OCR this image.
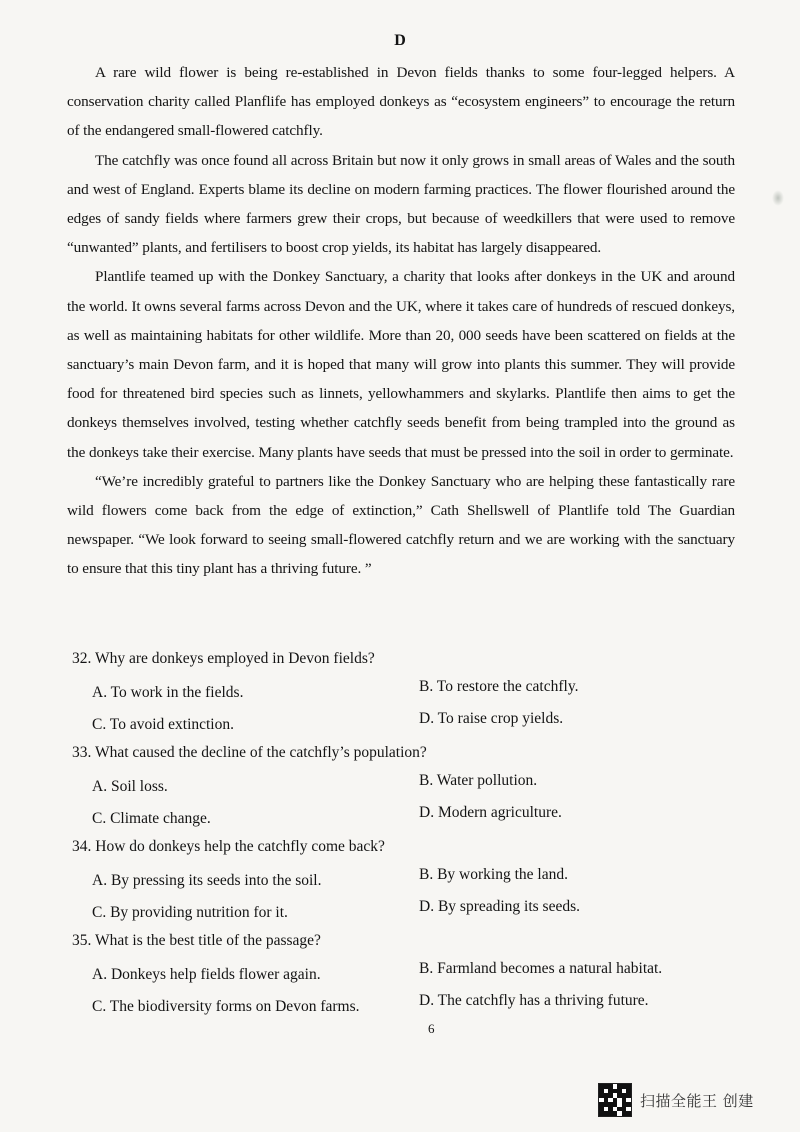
D

A rare wild flower is being re-established in Devon fields thanks to some four-legged helpers. A conservation charity called Planflife has employed donkeys as “ecosystem engineers” to encourage the return of the endangered small-flowered catchfly.

The catchfly was once found all across Britain but now it only grows in small areas of Wales and the south and west of England. Experts blame its decline on modern farming practices. The flower flourished around the edges of sandy fields where farmers grew their crops, but because of weedkillers that were used to remove “unwanted” plants, and fertilisers to boost crop yields, its habitat has largely disappeared.

Plantlife teamed up with the Donkey Sanctuary, a charity that looks after donkeys in the UK and around the world. It owns several farms across Devon and the UK, where it takes care of hundreds of rescued donkeys, as well as maintaining habitats for other wildlife. More than 20, 000 seeds have been scattered on fields at the sanctuary’s main Devon farm, and it is hoped that many will grow into plants this summer. They will provide food for threatened bird species such as linnets, yellowhammers and skylarks. Plantlife then aims to get the donkeys themselves involved, testing whether catchfly seeds benefit from being trampled into the ground as the donkeys take their exercise. Many plants have seeds that must be pressed into the soil in order to germinate.

“We’re incredibly grateful to partners like the Donkey Sanctuary who are helping these fantastically rare wild flowers come back from the edge of extinction,” Cath Shellswell of Plantlife told The Guardian newspaper. “We look forward to seeing small-flowered catchfly return and we are working with the sanctuary to ensure that this tiny plant has a thriving future. ”

32. Why are donkeys employed in Devon fields?
A. To work in the fields.	B. To restore the catchfly.
C. To avoid extinction.	D. To raise crop yields.
33. What caused the decline of the catchfly’s population?
A. Soil loss.	B. Water pollution.
C. Climate change.	D. Modern agriculture.
34. How do donkeys help the catchfly come back?
A. By pressing its seeds into the soil.	B. By working the land.
C. By providing nutrition for it.	D. By spreading its seeds.
35. What is the best title of the passage?
A. Donkeys help fields flower again.	B. Farmland becomes a natural habitat.
C. The biodiversity forms on Devon farms.	D. The catchfly has a thriving future.
6
扫描全能王 创建
